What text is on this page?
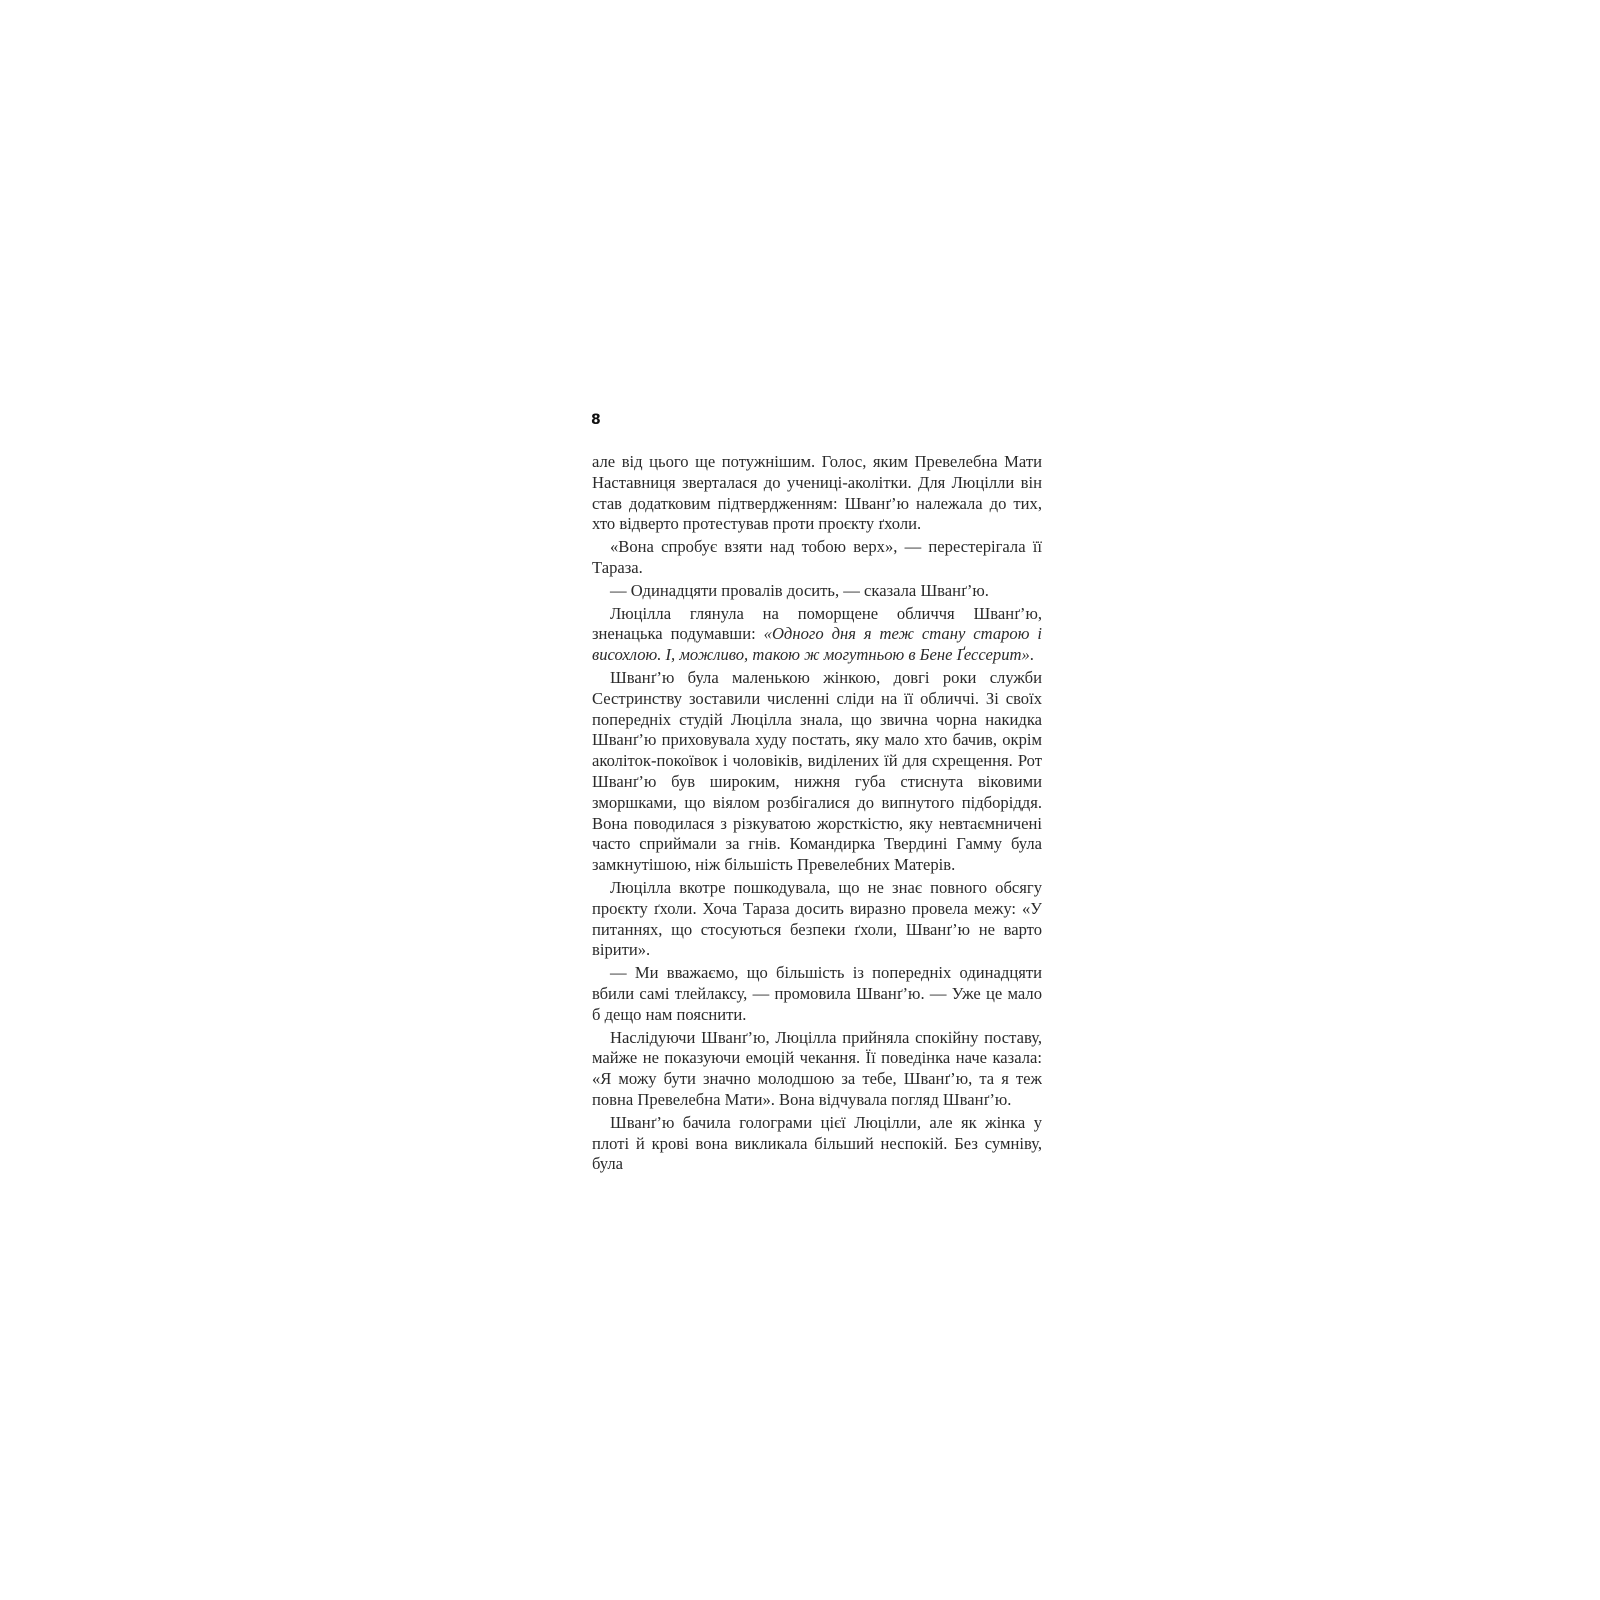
8

але від цього ще потужнішим. Голос, яким Превелебна Мати Наставниця зверталася до учениці-аколітки. Для Люцілли він став додатковим підтвердженням: Шванґ’ю належала до тих, хто відверто протестував проти проєкту ґхоли.

«Вона спробує взяти над тобою верх», — перестерігала її Тараза.

— Одинадцяти провалів досить, — сказала Шванґ’ю.

Люцілла глянула на поморщене обличчя Шванґ’ю, зненацька подумавши: «Одного дня я теж стану старою і висохлою. І, можливо, такою ж могутньою в Бене Ґессерит».

Шванґ’ю була маленькою жінкою, довгі роки служби Сестринству зоставили численні сліди на її обличчі. Зі своїх попередніх студій Люцілла знала, що звична чорна накидка Шванґ’ю приховувала худу постать, яку мало хто бачив, окрім аколіток-покоївок і чоловіків, виділених їй для схрещення. Рот Шванґ’ю був широким, нижня губа стиснута віковими зморшками, що віялом розбігалися до випнутого підборіддя. Вона поводилася з різкуватою жорсткістю, яку невтаємничені часто сприймали за гнів. Командирка Твердині Гамму була замкнутішою, ніж більшість Превелебних Матерів.

Люцілла вкотре пошкодувала, що не знає повного обсягу проєкту ґхоли. Хоча Тараза досить виразно провела межу: «У питаннях, що стосуються безпеки ґхоли, Шванґ’ю не варто вірити».

— Ми вважаємо, що більшість із попередніх одинадцяти вбили самі тлейлаксу, — промовила Шванґ’ю. — Уже це мало б дещо нам пояснити.

Наслідуючи Шванґ’ю, Люцілла прийняла спокійну поставу, майже не показуючи емоцій чекання. Її поведінка наче казала: «Я можу бути значно молодшою за тебе, Шванґ’ю, та я теж повна Превелебна Мати». Вона відчувала погляд Шванґ’ю.

Шванґ’ю бачила голограми цієї Люцілли, але як жінка у плоті й крові вона викликала більший неспокій. Без сумніву, була
